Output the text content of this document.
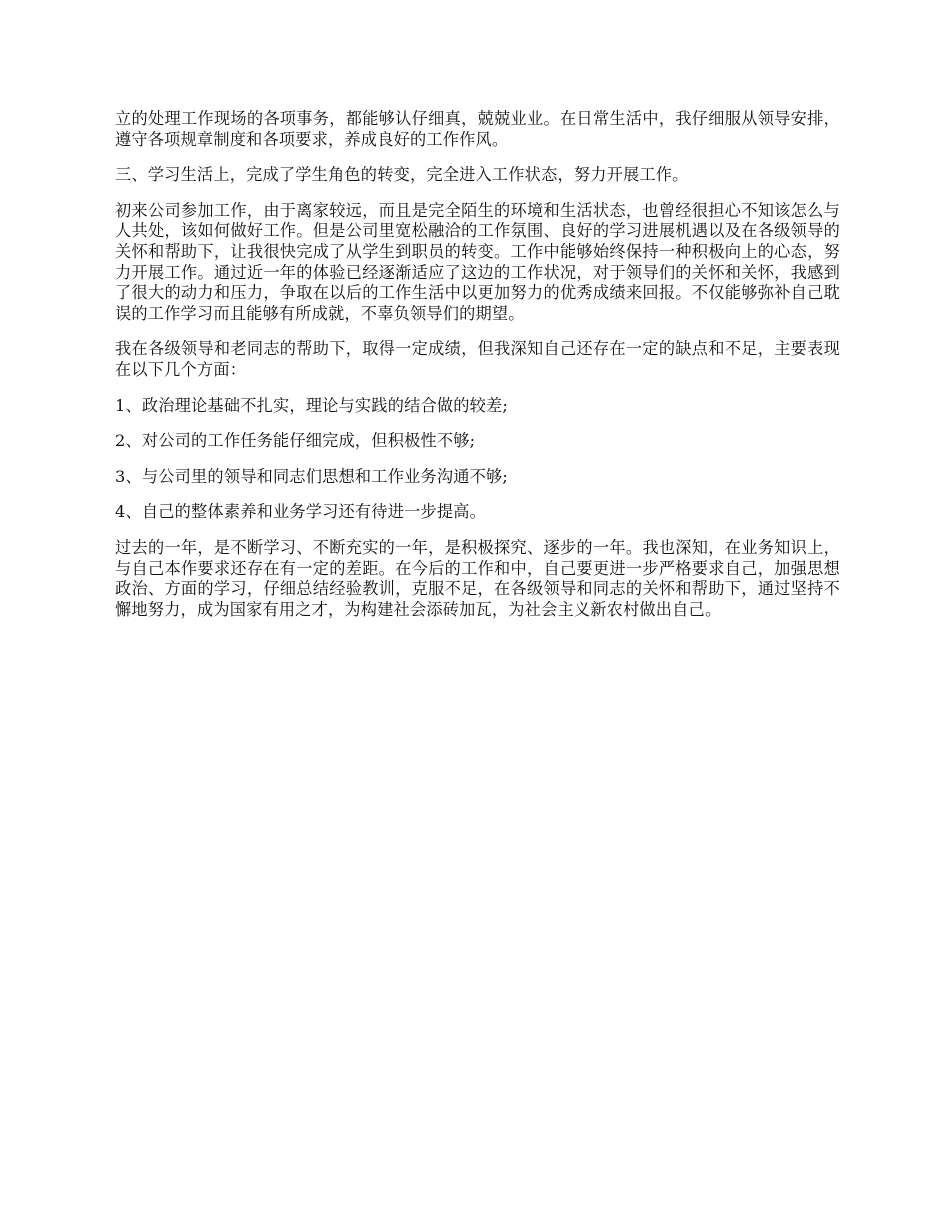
立的处理工作现场的各项事务，都能够认仔细真，兢兢业业。在日常生活中，我仔细服从领导安排，遵守各项规章制度和各项要求，养成良好的工作作风。

三、学习生活上，完成了学生角色的转变，完全进入工作状态，努力开展工作。

初来公司参加工作，由于离家较远，而且是完全陌生的环境和生活状态，也曾经很担心不知该怎么与人共处，该如何做好工作。但是公司里宽松融洽的工作氛围、良好的学习进展机遇以及在各级领导的关怀和帮助下，让我很快完成了从学生到职员的转变。工作中能够始终保持一种积极向上的心态，努力开展工作。通过近一年的体验已经逐渐适应了这边的工作状况，对于领导们的关怀和关怀，我感到了很大的动力和压力，争取在以后的工作生活中以更加努力的优秀成绩来回报。不仅能够弥补自己耽误的工作学习而且能够有所成就，不辜负领导们的期望。

我在各级领导和老同志的帮助下，取得一定成绩，但我深知自己还存在一定的缺点和不足，主要表现在以下几个方面：

1、政治理论基础不扎实，理论与实践的结合做的较差;

2、对公司的工作任务能仔细完成，但积极性不够;

3、与公司里的领导和同志们思想和工作业务沟通不够;

4、自己的整体素养和业务学习还有待进一步提高。

过去的一年，是不断学习、不断充实的一年，是积极探究、逐步的一年。我也深知，在业务知识上，与自己本作要求还存在有一定的差距。在今后的工作和中，自己要更进一步严格要求自己，加强思想政治、方面的学习，仔细总结经验教训，克服不足，在各级领导和同志的关怀和帮助下，通过坚持不懈地努力，成为国家有用之才，为构建社会添砖加瓦，为社会主义新农村做出自己。
